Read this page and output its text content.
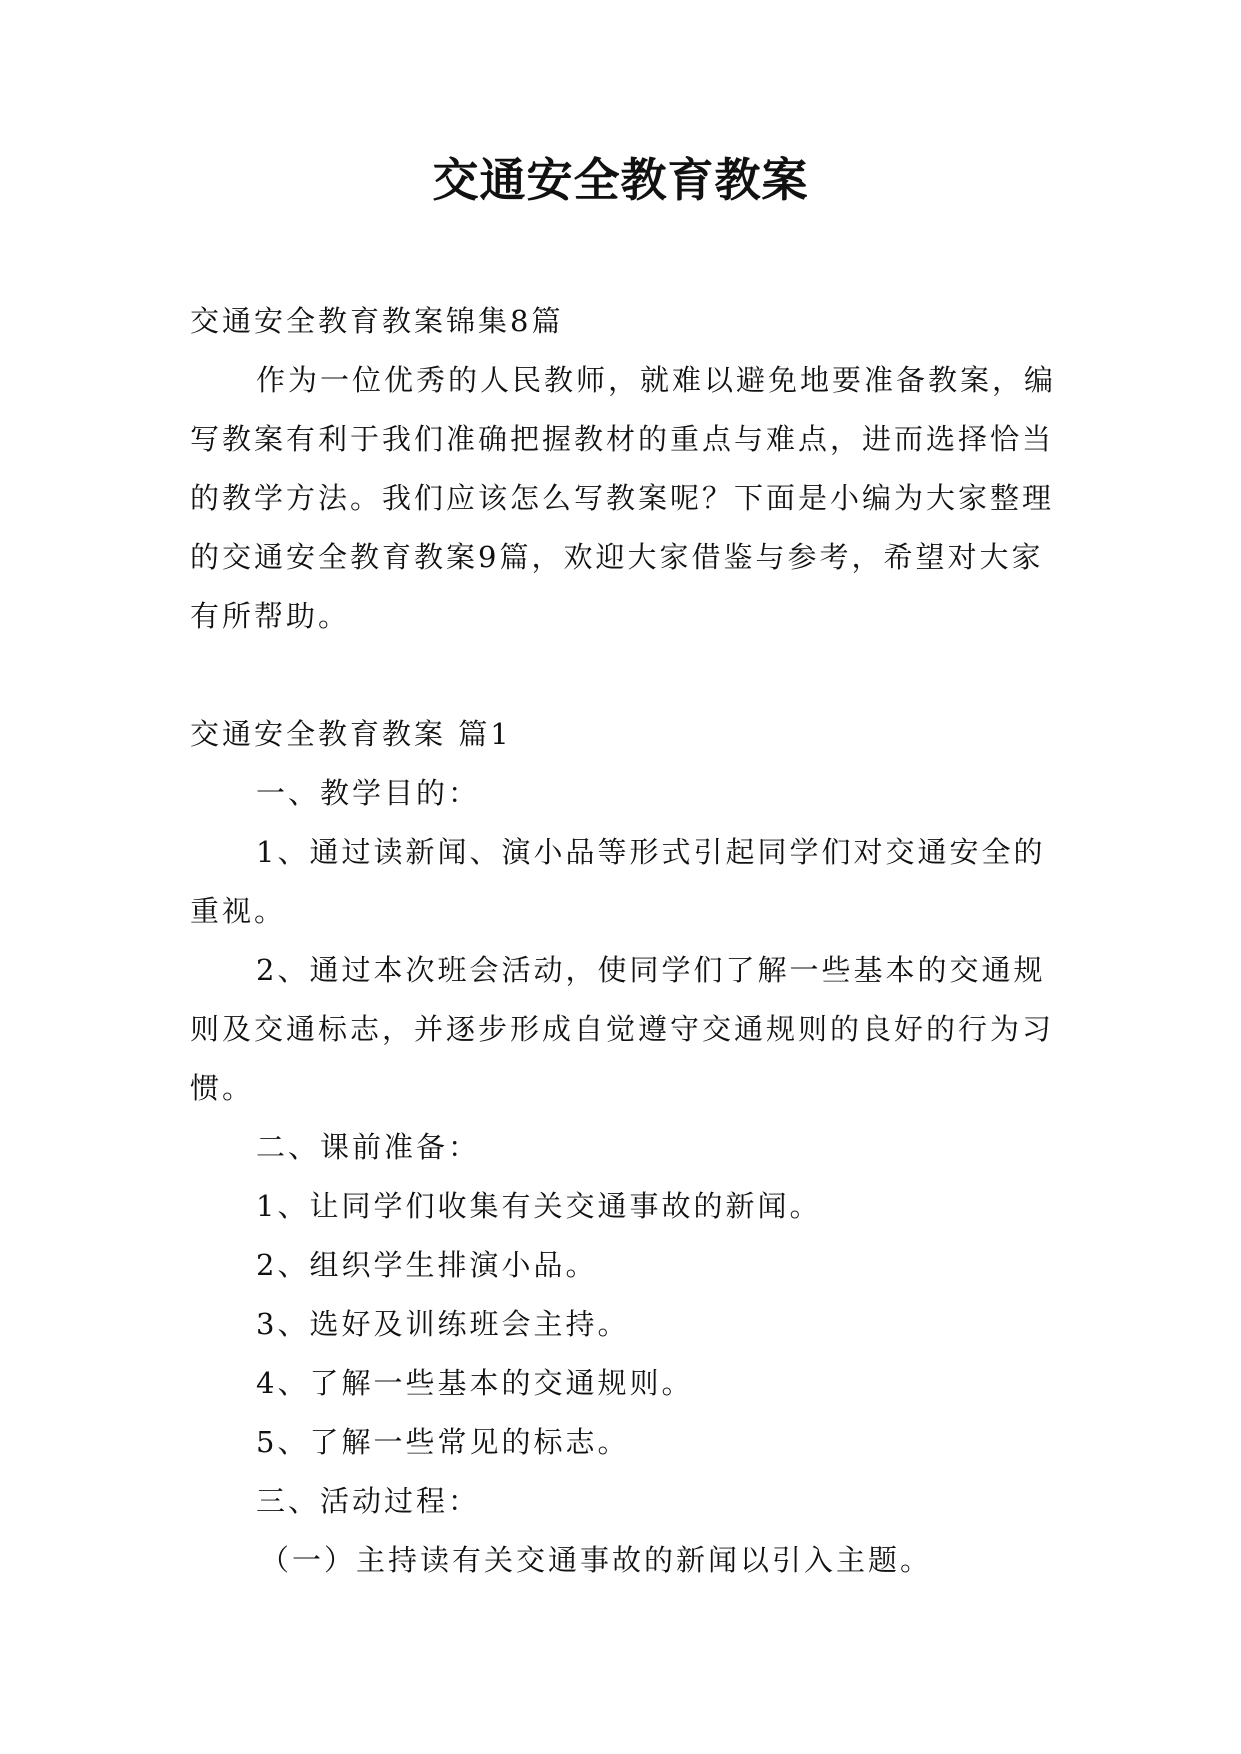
交通安全教育教案

交通安全教育教案锦集8篇

作为一位优秀的人民教师，就难以避免地要准备教案，编写教案有利于我们准确把握教材的重点与难点，进而选择恰当的教学方法。我们应该怎么写教案呢？下面是小编为大家整理的交通安全教育教案9篇，欢迎大家借鉴与参考，希望对大家有所帮助。

交通安全教育教案 篇1

一、教学目的：

1、通过读新闻、演小品等形式引起同学们对交通安全的重视。

2、通过本次班会活动，使同学们了解一些基本的交通规则及交通标志，并逐步形成自觉遵守交通规则的良好的行为习惯。

二、课前准备：

1、让同学们收集有关交通事故的新闻。

2、组织学生排演小品。

3、选好及训练班会主持。

4、了解一些基本的交通规则。

5、了解一些常见的标志。

三、活动过程：

（一）主持读有关交通事故的新闻以引入主题。
